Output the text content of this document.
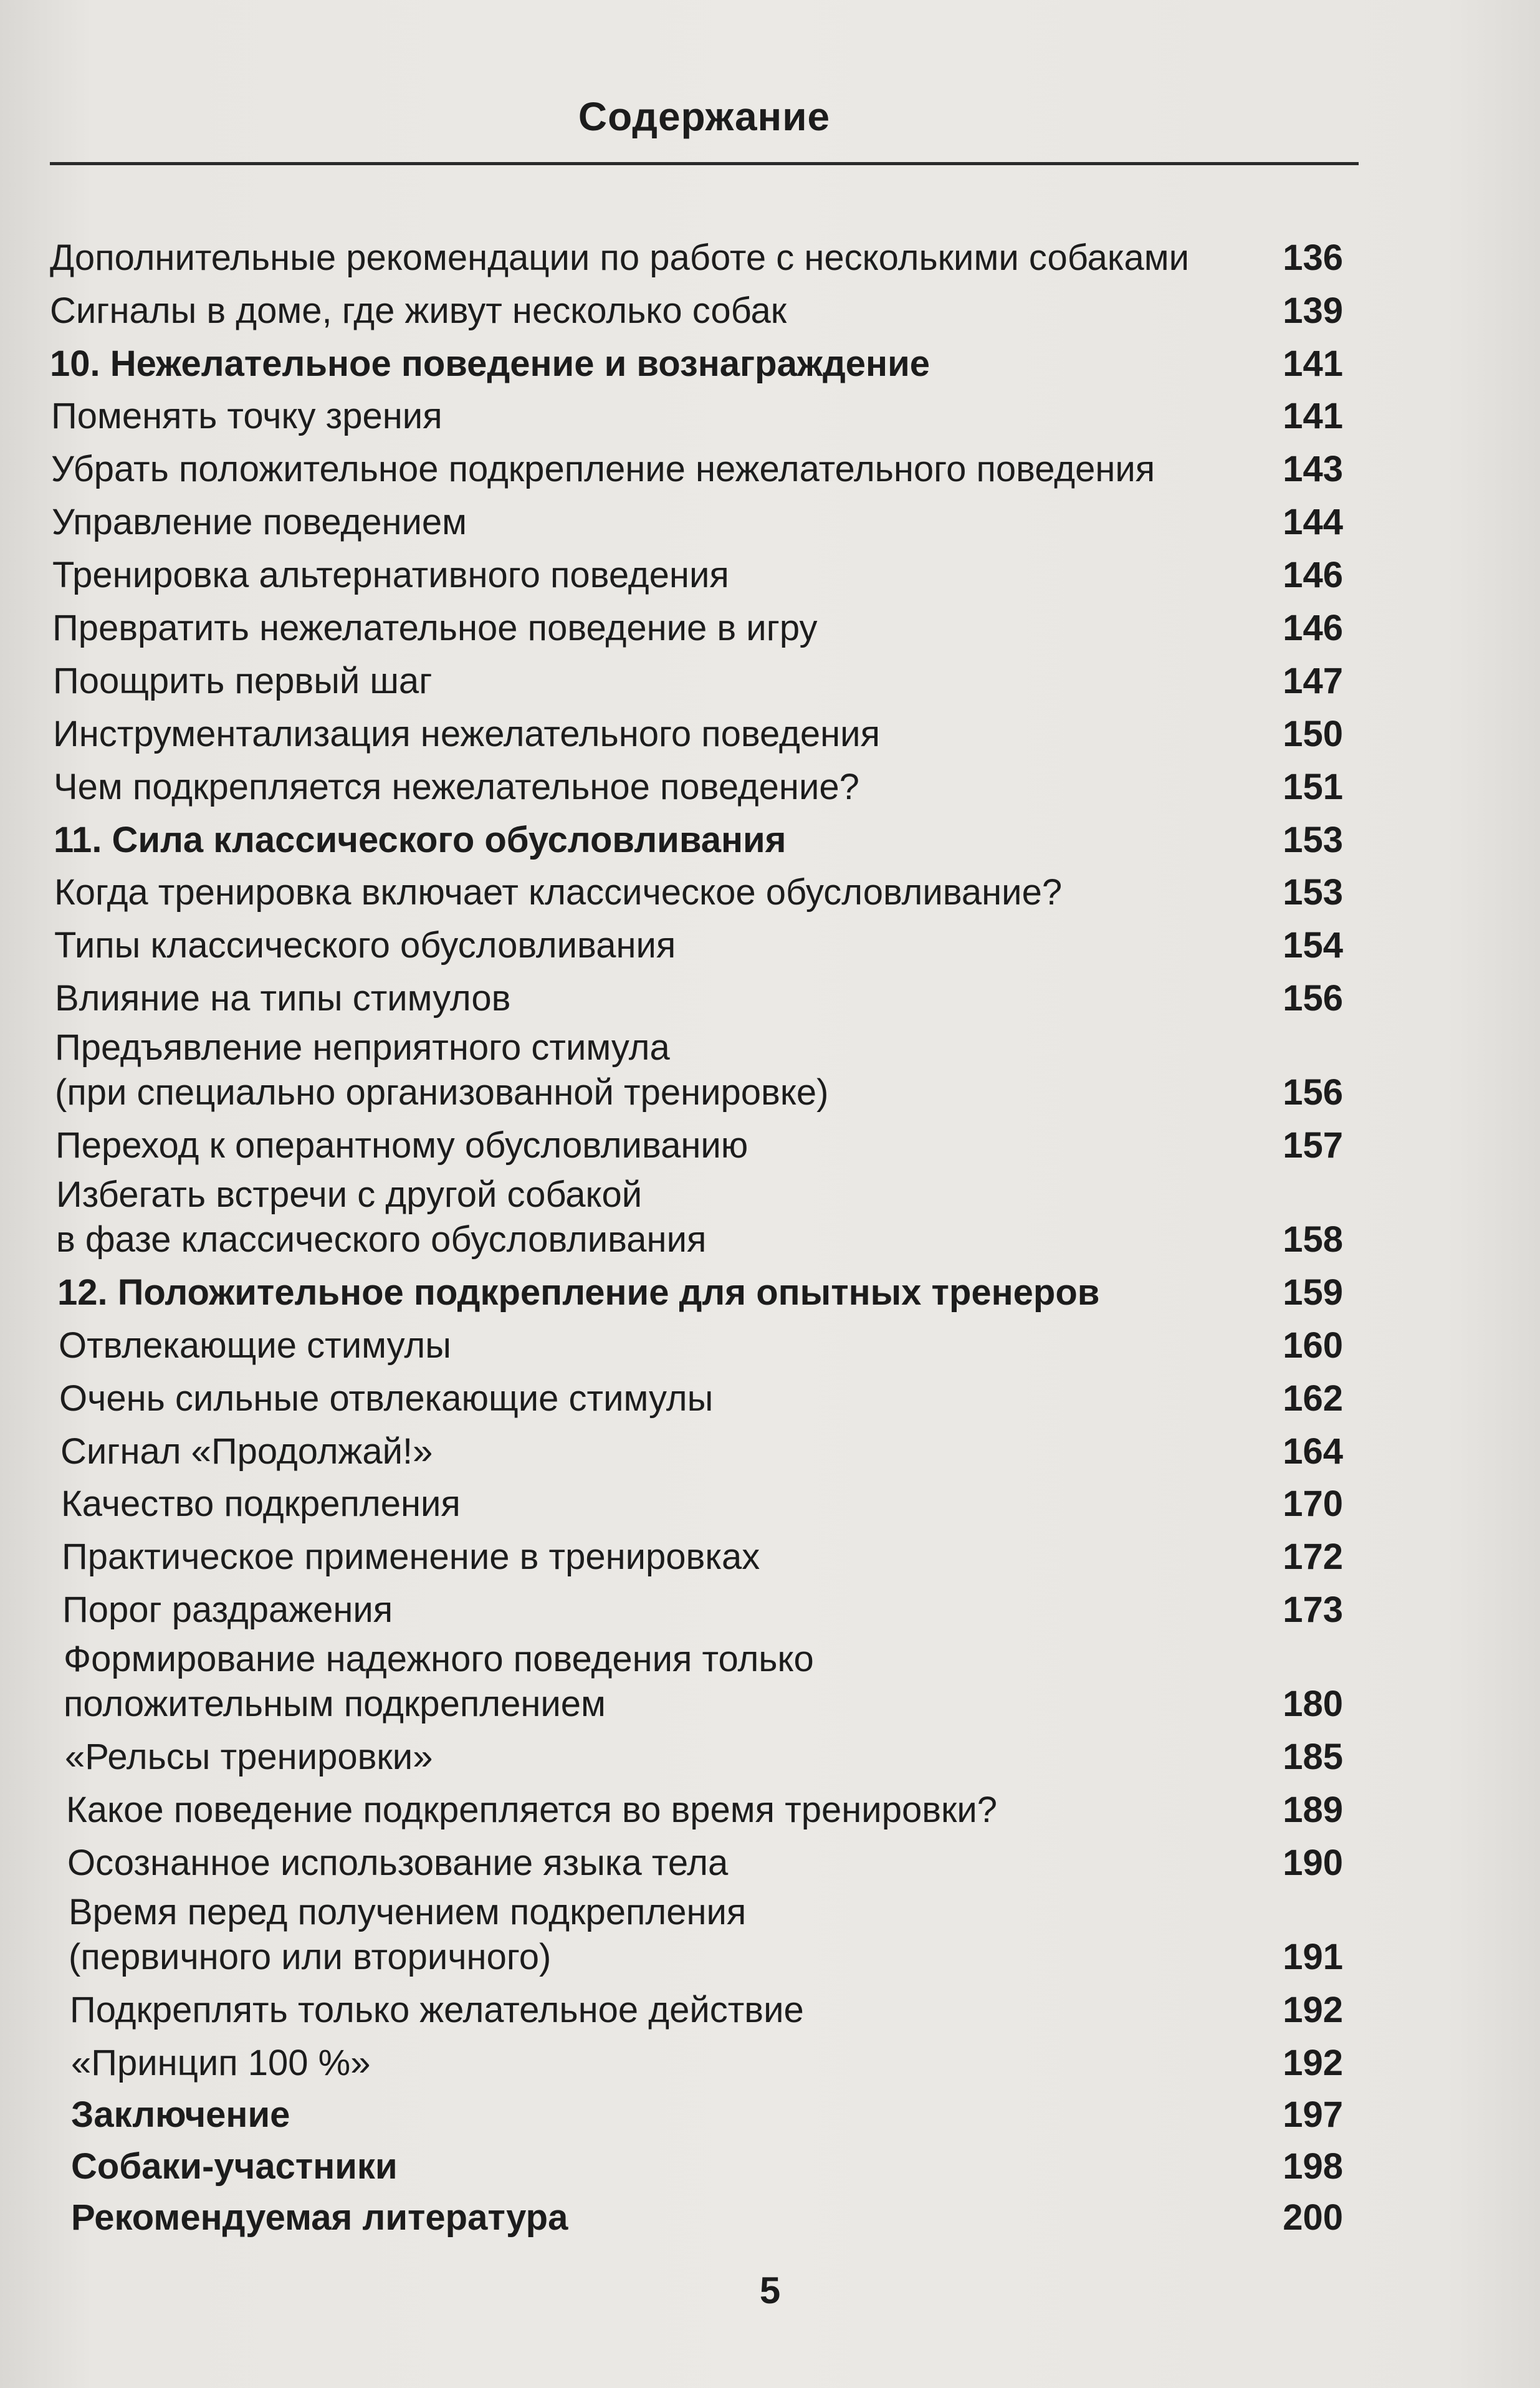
Содержание
Дополнительные рекомендации по работе с несколькими собаками	136
Сигналы в доме, где живут несколько собак	139
10. Нежелательное поведение и вознаграждение	141
Поменять точку зрения	141
Убрать положительное подкрепление нежелательного поведения	143
Управление поведением	144
Тренировка альтернативного поведения	146
Превратить нежелательное поведение в игру	146
Поощрить первый шаг	147
Инструментализация нежелательного поведения	150
Чем подкрепляется нежелательное поведение?	151
11. Сила классического обусловливания	153
Когда тренировка включает классическое обусловливание?	153
Типы классического обусловливания	154
Влияние на типы стимулов	156
Предъявление неприятного стимула
(при специально организованной тренировке)	156
Переход к оперантному обусловливанию	157
Избегать встречи с другой собакой
в фазе классического обусловливания	158
12. Положительное подкрепление для опытных тренеров	159
Отвлекающие стимулы	160
Очень сильные отвлекающие стимулы	162
Сигнал «Продолжай!»	164
Качество подкрепления	170
Практическое применение в тренировках	172
Порог раздражения	173
Формирование надежного поведения только
положительным подкреплением	180
«Рельсы тренировки»	185
Какое поведение подкрепляется во время тренировки?	189
Осознанное использование языка тела	190
Время перед получением подкрепления
(первичного или вторичного)	191
Подкреплять только желательное действие	192
«Принцип 100 %»	192
Заключение	197
Собаки-участники	198
Рекомендуемая литература	200
5
